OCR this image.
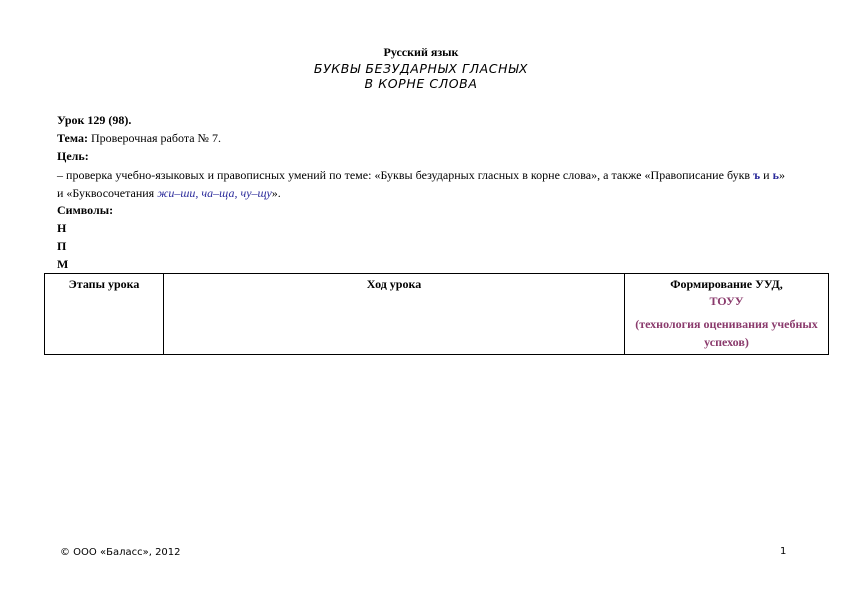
Русский язык
БУКВЫ БЕЗУДАРНЫХ ГЛАСНЫХ
В КОРНЕ СЛОВА
Урок 129 (98).
Тема: Проверочная работа № 7.
Цель:
– проверка учебно-языковых и правописных умений по теме: «Буквы безударных гласных в корне слова», а также «Правописание букв ъ и ь» и «Буквосочетания жи–ши, ча–ща, чу–щу».
Символы:
Н
П
М
Этапы урока	Ход урока	Формирование УУД,
ТОУУ
(технология оценивания учебных успехов)
© ООО «Баласс», 2012	1
